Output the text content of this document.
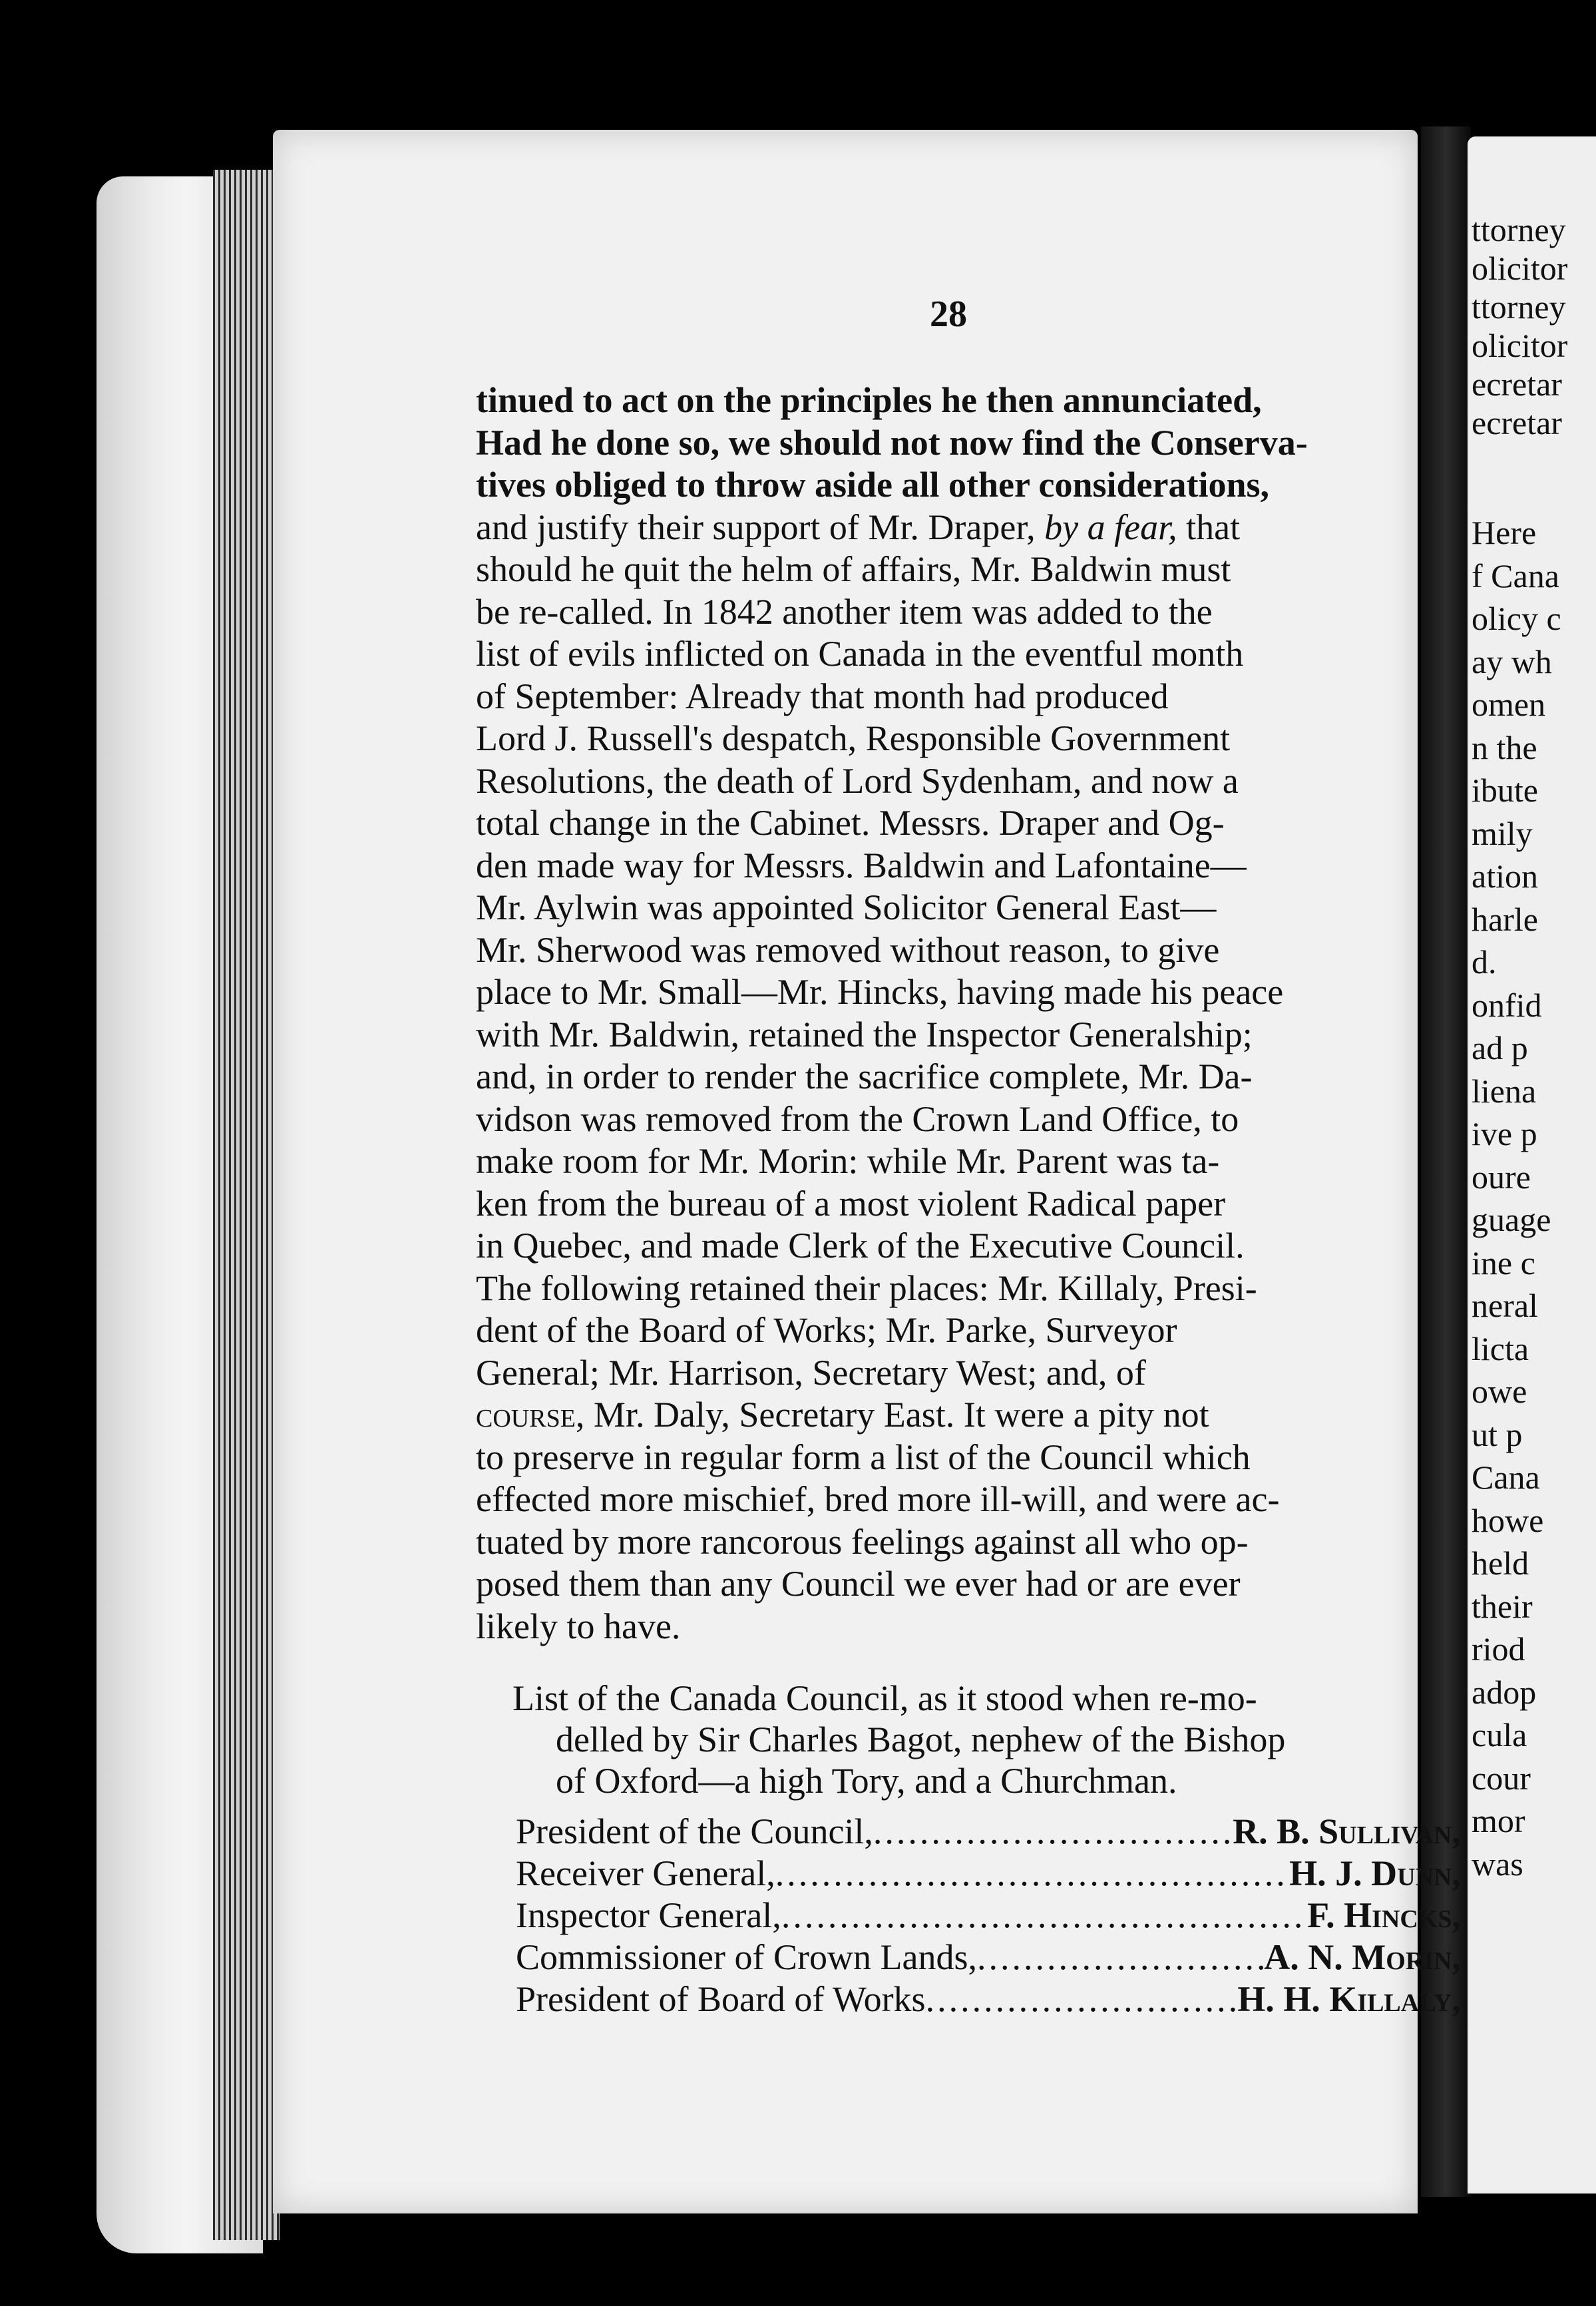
ttorney
olicitor
ttorney
olicitor
ecretar
ecretar
Here
f Cana
olicy c
ay wh
omen
n the
ibute
mily
ation
harle
d.
onfid
ad p
liena
ive p
oure
guage
ine c
neral
licta
owe
ut p
Cana
howe
held
their
riod
adop
cula
cour
mor
was
28
tinued to act on the principles he then annunciated,
Had he done so, we should not now find the Conserva-
tives obliged to throw aside all other considerations,
and justify their support of Mr. Draper, by a fear, that
should he quit the helm of affairs, Mr. Baldwin must
be re-called. In 1842 another item was added to the
list of evils inflicted on Canada in the eventful month
of September: Already that month had produced
Lord J. Russell's despatch, Responsible Government
Resolutions, the death of Lord Sydenham, and now a
total change in the Cabinet. Messrs. Draper and Og-
den made way for Messrs. Baldwin and Lafontaine—
Mr. Aylwin was appointed Solicitor General East—
Mr. Sherwood was removed without reason, to give
place to Mr. Small—Mr. Hincks, having made his peace
with Mr. Baldwin, retained the Inspector Generalship;
and, in order to render the sacrifice complete, Mr. Da-
vidson was removed from the Crown Land Office, to
make room for Mr. Morin: while Mr. Parent was ta-
ken from the bureau of a most violent Radical paper
in Quebec, and made Clerk of the Executive Council.
The following retained their places: Mr. Killaly, Presi-
dent of the Board of Works; Mr. Parke, Surveyor
General; Mr. Harrison, Secretary West; and, of
course, Mr. Daly, Secretary East. It were a pity not
to preserve in regular form a list of the Council which
effected more mischief, bred more ill-will, and were ac-
tuated by more rancorous feelings against all who op-
posed them than any Council we ever had or are ever
likely to have.
List of the Canada Council, as it stood when re-mo-
delled by Sir Charles Bagot, nephew of the Bishop
of Oxford—a high Tory, and a Churchman.
President of the Council, .....	R. B. Sullivan,
Receiver General, .....	H. J. Dunn,
Inspector General, .....	F. Hincks,
Commissioner of Crown Lands, .....	A. N. Morin,
President of Board of Works .....	H. H. Killaly,
